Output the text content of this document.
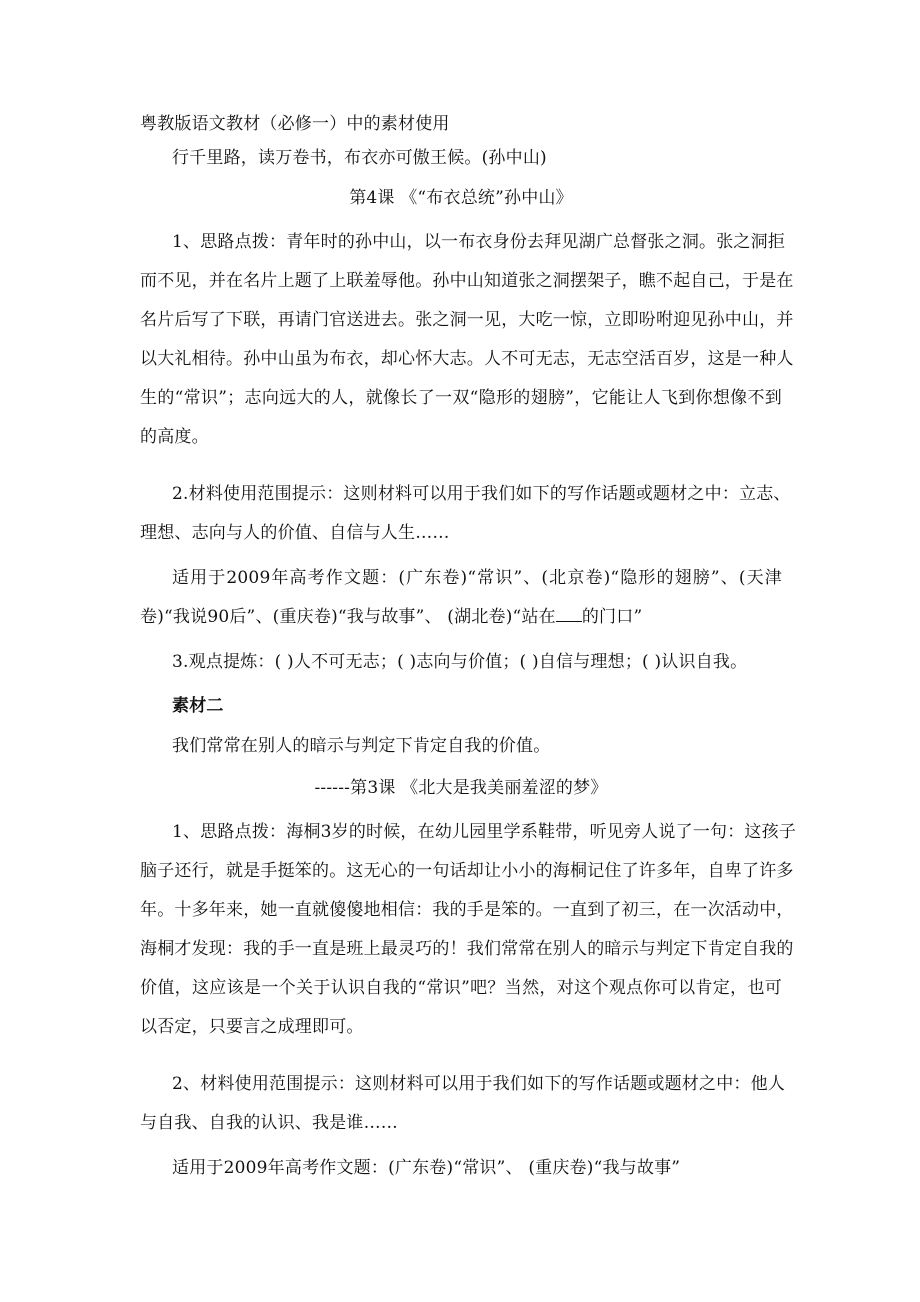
粤教版语文教材（必修一）中的素材使用
行千里路，读万卷书，布衣亦可傲王候。(孙中山)
第4课 《“布衣总统”孙中山》
1、思路点拨：青年时的孙中山，以一布衣身份去拜见湖广总督张之洞。张之洞拒
而不见，并在名片上题了上联羞辱他。孙中山知道张之洞摆架子，瞧不起自己，于是在
名片后写了下联，再请门官送进去。张之洞一见，大吃一惊，立即吩咐迎见孙中山，并
以大礼相待。孙中山虽为布衣，却心怀大志。人不可无志，无志空活百岁，这是一种人
生的“常识”；志向远大的人，就像长了一双“隐形的翅膀”，它能让人飞到你想像不到
的高度。
2.材料使用范围提示：这则材料可以用于我们如下的写作话题或题材之中：立志、
理想、志向与人的价值、自信与人生……
适用于2009年高考作文题：(广东卷)“常识”、(北京卷)“隐形的翅膀”、(天津
卷)“我说90后”、(重庆卷)“我与故事”、 (湖北卷)“站在 的门口”
3.观点提炼：( )人不可无志；( )志向与价值；( )自信与理想；( )认识自我。
素材二
我们常常在别人的暗示与判定下肯定自我的价值。
------第3课 《北大是我美丽羞涩的梦》
1、思路点拨：海桐3岁的时候，在幼儿园里学系鞋带，听见旁人说了一句：这孩子
脑子还行，就是手挺笨的。这无心的一句话却让小小的海桐记住了许多年，自卑了许多
年。十多年来，她一直就傻傻地相信：我的手是笨的。一直到了初三，在一次活动中，
海桐才发现：我的手一直是班上最灵巧的！我们常常在别人的暗示与判定下肯定自我的
价值，这应该是一个关于认识自我的“常识”吧？当然，对这个观点你可以肯定，也可
以否定，只要言之成理即可。
2、材料使用范围提示：这则材料可以用于我们如下的写作话题或题材之中：他人
与自我、自我的认识、我是谁……
适用于2009年高考作文题：(广东卷)“常识”、 (重庆卷)“我与故事”
